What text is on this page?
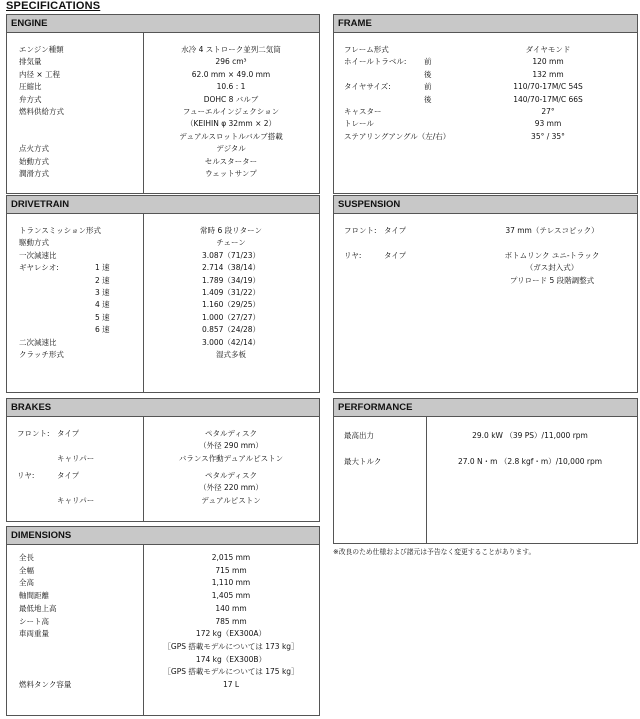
SPECIFICATIONS
ENGINE
エンジン種類	水冷 4 ストローク並列二気筒
排気量	296 cm³
内径 × 工程	62.0 mm × 49.0 mm
圧縮比	10.6 : 1
弁方式	DOHC 8 バルブ
燃料供給方式	フューエルインジェクション
（KEIHIN φ 32mm × 2）
デュアルスロットルバルブ搭載
点火方式	デジタル
始動方式	セルスターター
潤滑方式	ウェットサンプ
FRAME
フレーム形式	ダイヤモンド
ホイールトラベル: 前	120 mm
後	132 mm
タイヤサイズ:	前	110/70-17M/C 54S
後	140/70-17M/C 66S
キャスター	27°
トレール	93 mm
ステアリングアングル（左/右）	35° / 35°
DRIVETRAIN
トランスミッション形式	常時 6 段リターン
駆動方式	チェーン
一次減速比	3.087（71/23）
ギヤレシオ:	1 速	2.714（38/14）
2 速	1.789（34/19）
3 速	1.409（31/22）
4 速	1.160（29/25）
5 速	1.000（27/27）
6 速	0.857（24/28）
二次減速比	3.000（42/14）
クラッチ形式	湿式多板
SUSPENSION
フロント: タイプ	37 mm（テレスコピック）
リヤ:	タイプ	ボトムリンク ユニ-トラック
（ガス封入式）
プリロード 5 段階調整式
BRAKES
フロント: タイプ	ペタルディスク
（外径 290 mm）
キャリパー	バランス作動デュアルピストン
リヤ:	タイプ	ペタルディスク
（外径 220 mm）
キャリパー	デュアルピストン
PERFORMANCE
最高出力	29.0 kW （39 PS）/11,000 rpm
最大トルク	27.0 N・m （2.8 kgf・m）/10,000 rpm
※改良のため仕様および諸元は予告なく変更することがあります。
DIMENSIONS
全長	2,015 mm
全幅	715 mm
全高	1,110 mm
軸間距離	1,405 mm
最低地上高	140 mm
シート高	785 mm
車両重量	172 kg（EX300A）
［GPS 搭載モデルについては 173 kg］
174 kg（EX300B）
［GPS 搭載モデルについては 175 kg］
燃料タンク容量	17 L
